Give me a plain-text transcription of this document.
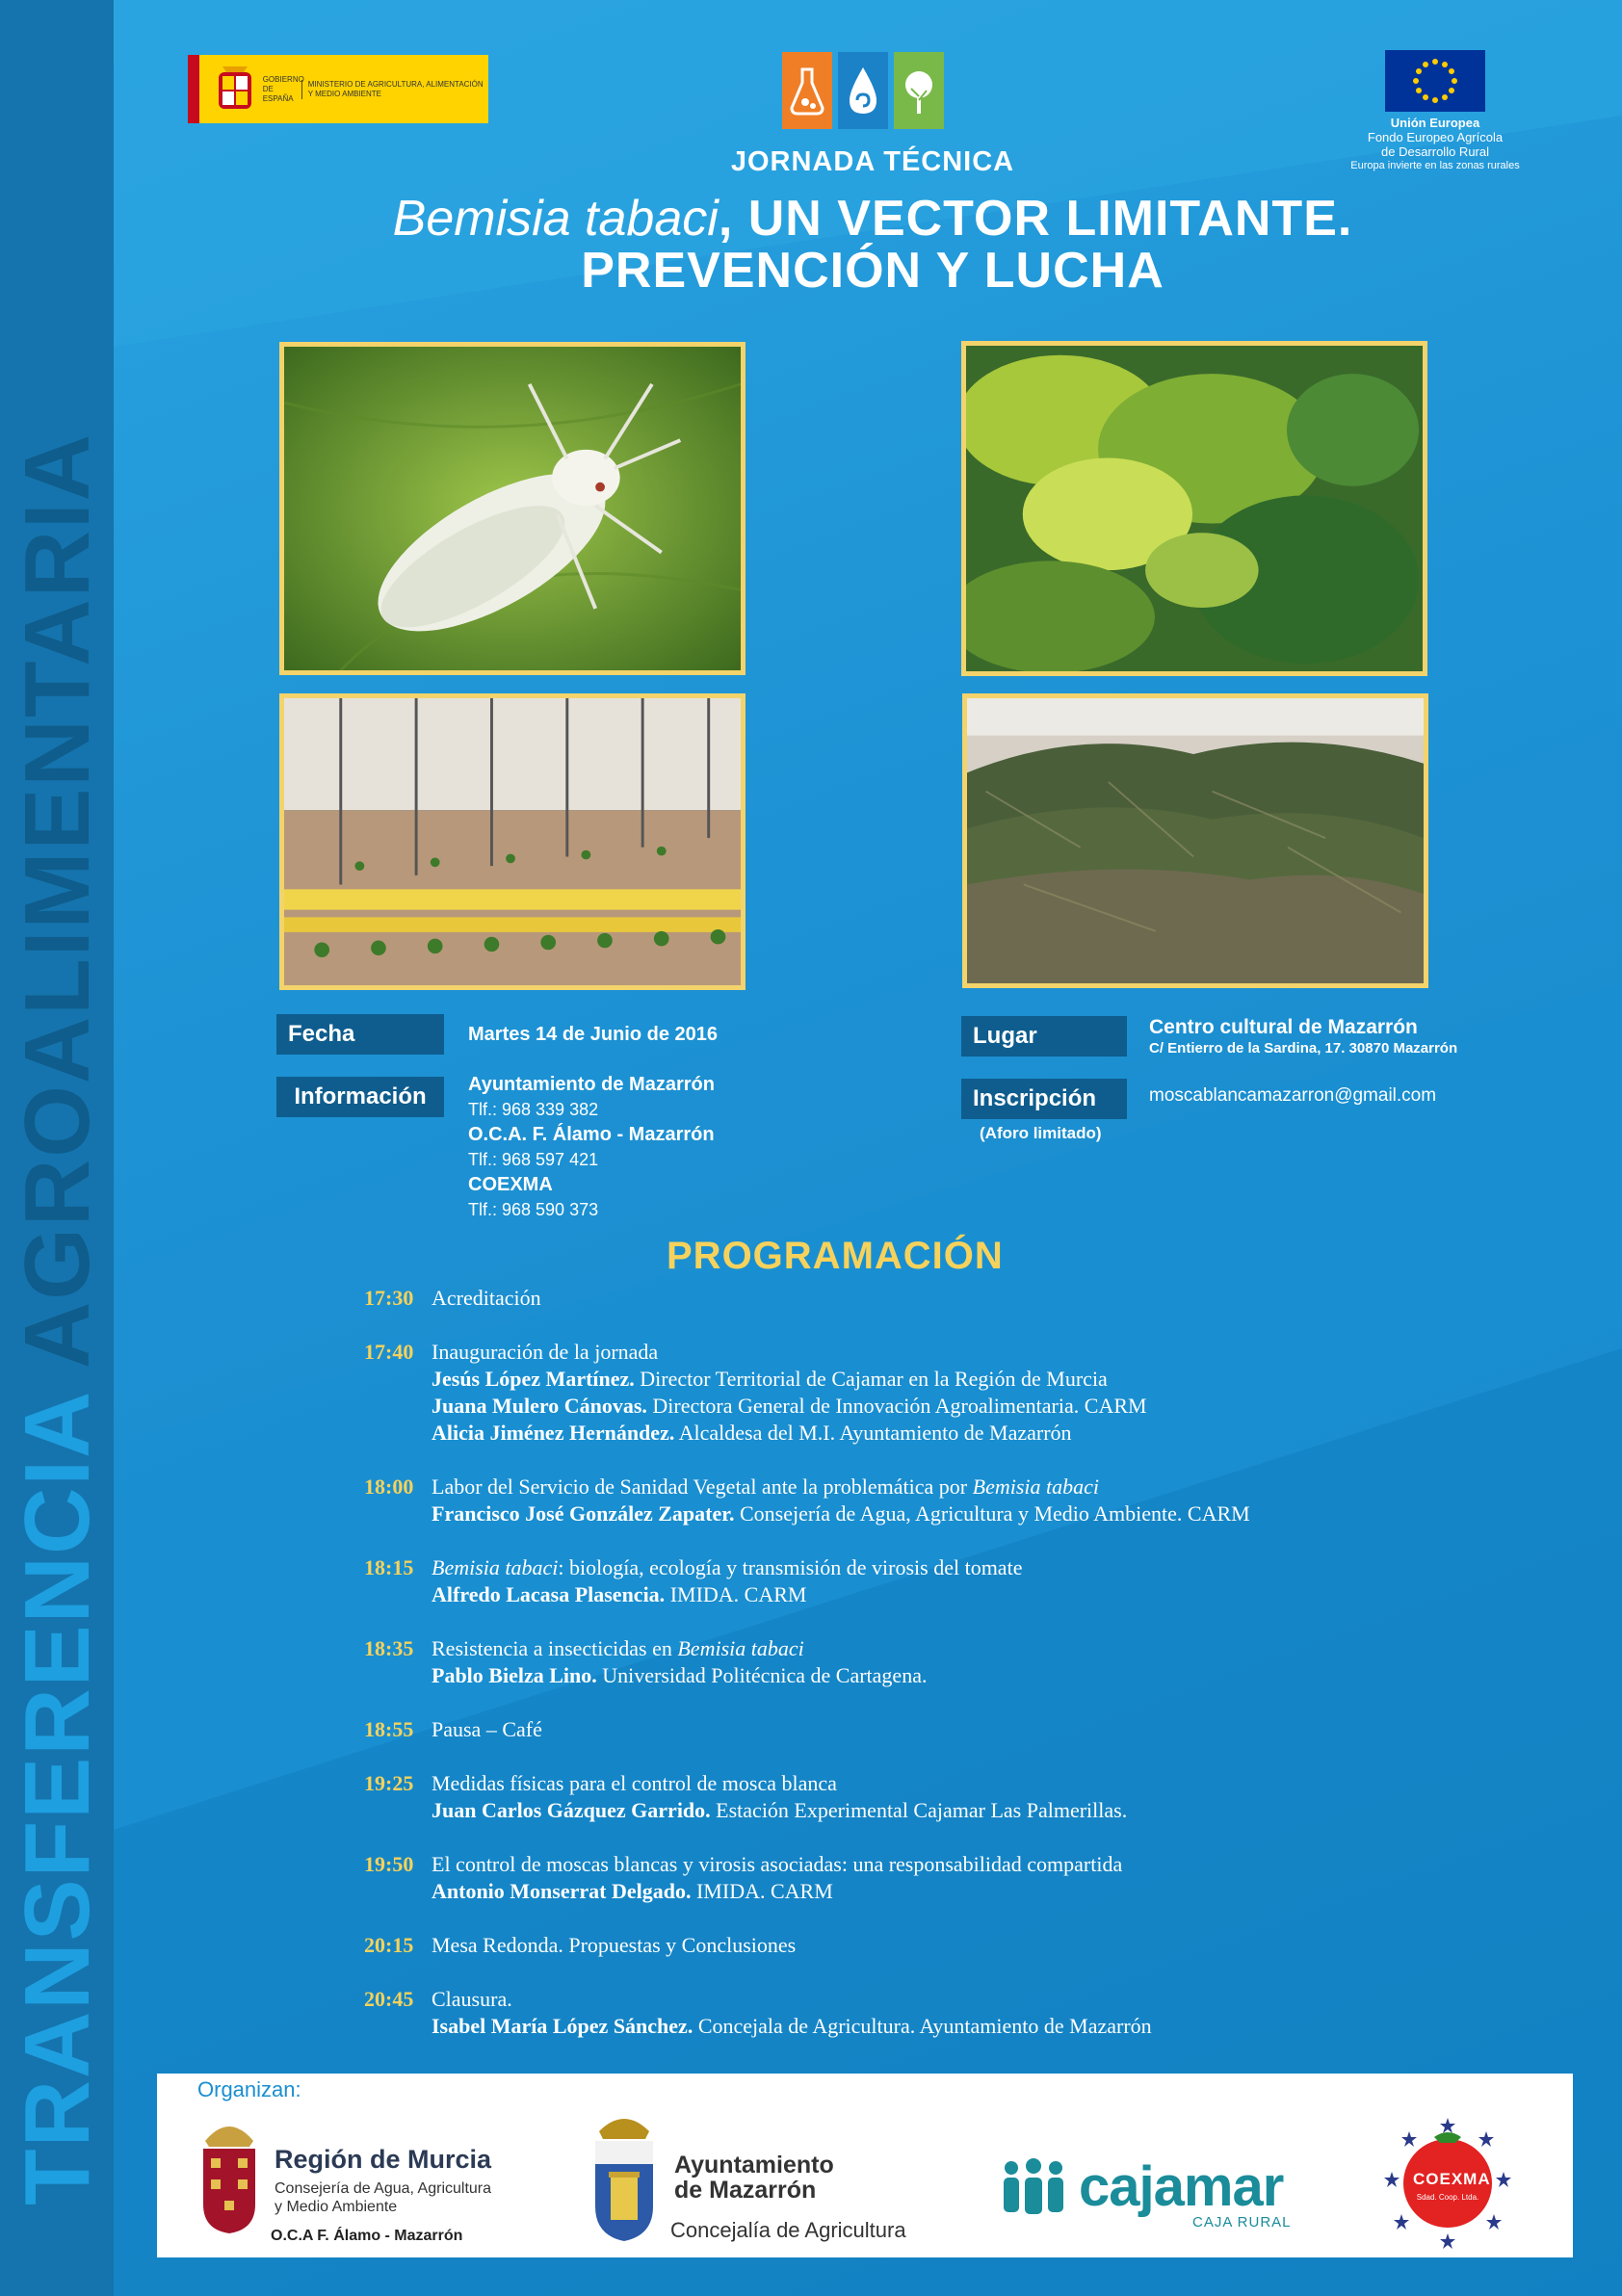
TRANSFERENCIA AGROALIMENTARIA
GOBIERNO DE ESPAÑA
MINISTERIO DE AGRICULTURA, ALIMENTACIÓN Y MEDIO AMBIENTE
Unión Europea
Fondo Europeo Agrícola
de Desarrollo Rural
Europa invierte en las zonas rurales
JORNADA TÉCNICA
Bemisia tabaci, UN VECTOR LIMITANTE.
PREVENCIÓN Y LUCHA
Fecha	Martes 14 de Junio de 2016
Información	Ayuntamiento de Mazarrón
Tlf.: 968 339 382
O.C.A. F. Álamo - Mazarrón
Tlf.: 968 597 421
COEXMA
Tlf.: 968 590 373
Lugar	Centro cultural de Mazarrón
C/ Entierro de la Sardina, 17. 30870 Mazarrón
Inscripción	moscablancamazarron@gmail.com
(Aforo limitado)
PROGRAMACIÓN
17:30 Acreditación

17:40 Inauguración de la jornada

Jesús López Martínez. Director Territorial de Cajamar en la Región de Murcia

Juana Mulero Cánovas. Directora General de Innovación Agroalimentaria. CARM

Alicia Jiménez Hernández. Alcaldesa del M.I. Ayuntamiento de Mazarrón

18:00 Labor del Servicio de Sanidad Vegetal ante la problemática por Bemisia tabaci

Francisco José González Zapater. Consejería de Agua, Agricultura y Medio Ambiente. CARM

18:15 Bemisia tabaci: biología, ecología y transmisión de virosis del tomate

Alfredo Lacasa Plasencia. IMIDA. CARM

18:35 Resistencia a insecticidas en Bemisia tabaci

Pablo Bielza Lino. Universidad Politécnica de Cartagena.

18:55 Pausa – Café

19:25 Medidas físicas para el control de mosca blanca

Juan Carlos Gázquez Garrido. Estación Experimental Cajamar Las Palmerillas.

19:50 El control de moscas blancas y virosis asociadas: una responsabilidad compartida

Antonio Monserrat Delgado. IMIDA. CARM

20:15 Mesa Redonda. Propuestas y Conclusiones

20:45 Clausura.

Isabel María López Sánchez. Concejala de Agricultura. Ayuntamiento de Mazarrón

Organizan:
Región de Murcia
Consejería de Agua, Agricultura
y Medio Ambiente
O.C.A F. Álamo - Mazarrón
Ayuntamiento
de Mazarrón
Concejalía de Agricultura
cajamar
CAJA RURAL
COEXMA
Sdad. Coop. Ltda.
